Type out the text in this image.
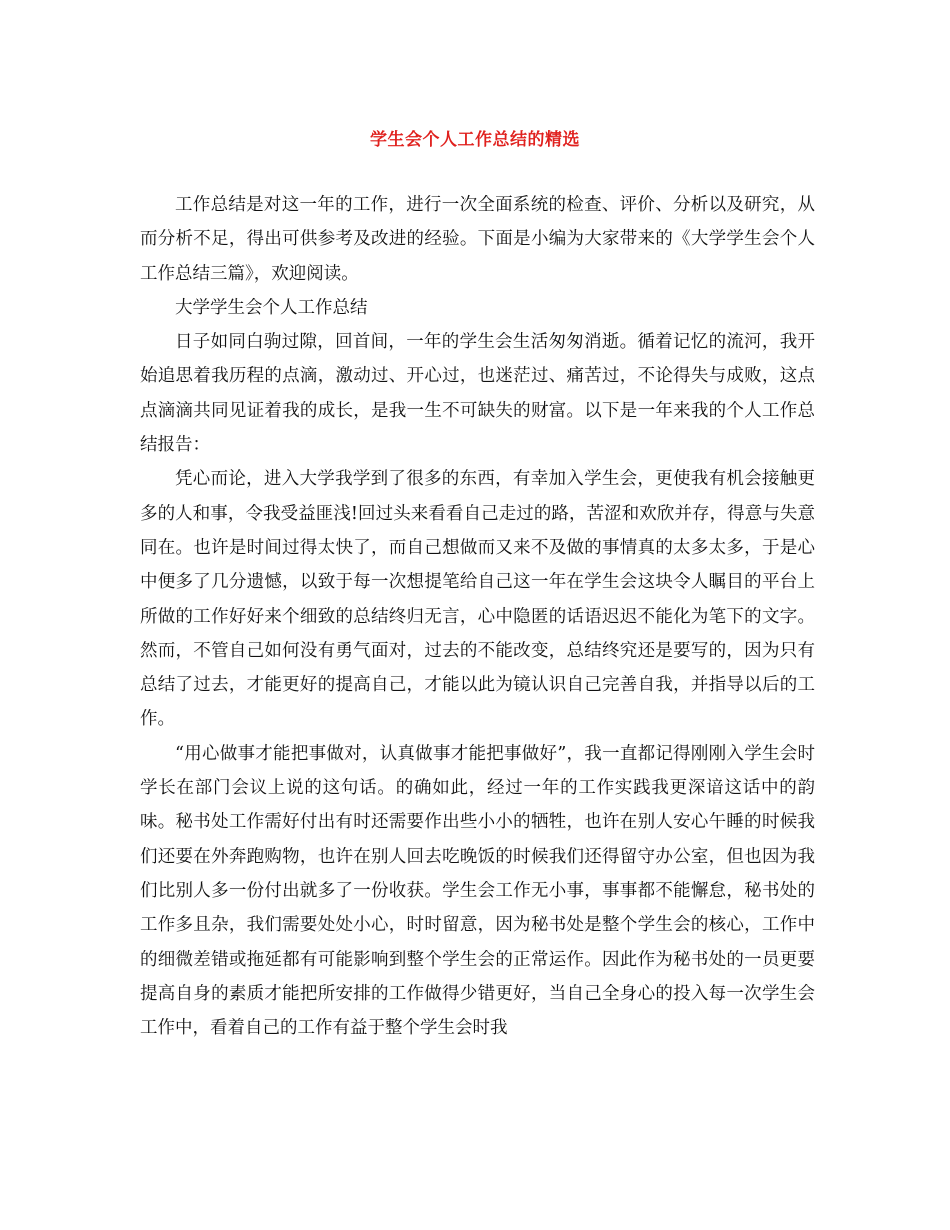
学生会个人工作总结的精选

工作总结是对这一年的工作，进行一次全面系统的检查、评价、分析以及研究，从而分析不足，得出可供参考及改进的经验。下面是小编为大家带来的《大学学生会个人工作总结三篇》，欢迎阅读。

大学学生会个人工作总结

日子如同白驹过隙，回首间，一年的学生会生活匆匆消逝。循着记忆的流河，我开始追思着我历程的点滴，激动过、开心过，也迷茫过、痛苦过，不论得失与成败，这点点滴滴共同见证着我的成长，是我一生不可缺失的财富。以下是一年来我的个人工作总结报告：

凭心而论，进入大学我学到了很多的东西，有幸加入学生会，更使我有机会接触更多的人和事，令我受益匪浅!回过头来看看自己走过的路，苦涩和欢欣并存，得意与失意同在。也许是时间过得太快了，而自己想做而又来不及做的事情真的太多太多，于是心中便多了几分遗憾，以致于每一次想提笔给自己这一年在学生会这块令人瞩目的平台上所做的工作好好来个细致的总结终归无言，心中隐匿的话语迟迟不能化为笔下的文字。然而，不管自己如何没有勇气面对，过去的不能改变，总结终究还是要写的，因为只有总结了过去，才能更好的提高自己，才能以此为镜认识自己完善自我，并指导以后的工作。

“用心做事才能把事做对，认真做事才能把事做好”，我一直都记得刚刚入学生会时学长在部门会议上说的这句话。的确如此，经过一年的工作实践我更深谙这话中的韵味。秘书处工作需好付出有时还需要作出些小小的牺牲，也许在别人安心午睡的时候我们还要在外奔跑购物，也许在别人回去吃晚饭的时候我们还得留守办公室，但也因为我们比别人多一份付出就多了一份收获。学生会工作无小事，事事都不能懈怠，秘书处的工作多且杂，我们需要处处小心，时时留意，因为秘书处是整个学生会的核心，工作中的细微差错或拖延都有可能影响到整个学生会的正常运作。因此作为秘书处的一员更要提高自身的素质才能把所安排的工作做得少错更好，当自己全身心的投入每一次学生会工作中，看着自己的工作有益于整个学生会时我
